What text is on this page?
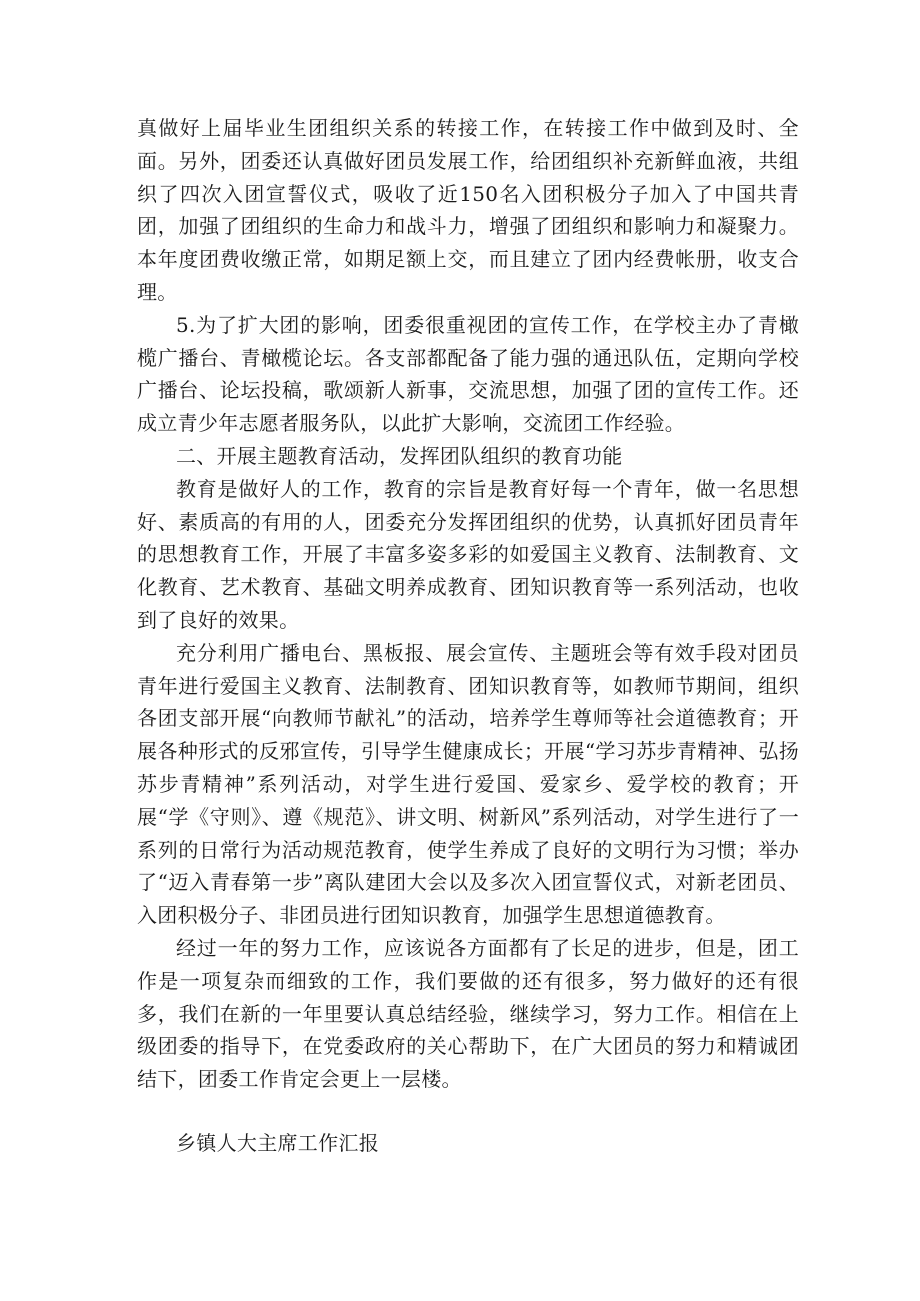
真做好上届毕业生团组织关系的转接工作，在转接工作中做到及时、全面。另外，团委还认真做好团员发展工作，给团组织补充新鲜血液，共组织了四次入团宣誓仪式，吸收了近150名入团积极分子加入了中国共青团，加强了团组织的生命力和战斗力，增强了团组织和影响力和凝聚力。本年度团费收缴正常，如期足额上交，而且建立了团内经费帐册，收支合理。

5.为了扩大团的影响，团委很重视团的宣传工作，在学校主办了青橄榄广播台、青橄榄论坛。各支部都配备了能力强的通迅队伍，定期向学校广播台、论坛投稿，歌颂新人新事，交流思想，加强了团的宣传工作。还成立青少年志愿者服务队，以此扩大影响，交流团工作经验。

二、开展主题教育活动，发挥团队组织的教育功能

教育是做好人的工作，教育的宗旨是教育好每一个青年，做一名思想好、素质高的有用的人，团委充分发挥团组织的优势，认真抓好团员青年的思想教育工作，开展了丰富多姿多彩的如爱国主义教育、法制教育、文化教育、艺术教育、基础文明养成教育、团知识教育等一系列活动，也收到了良好的效果。

充分利用广播电台、黑板报、展会宣传、主题班会等有效手段对团员青年进行爱国主义教育、法制教育、团知识教育等，如教师节期间，组织各团支部开展“向教师节献礼”的活动，培养学生尊师等社会道德教育；开展各种形式的反邪宣传，引导学生健康成长；开展“学习苏步青精神、弘扬苏步青精神”系列活动，对学生进行爱国、爱家乡、爱学校的教育；开展“学《守则》、遵《规范》、讲文明、树新风”系列活动，对学生进行了一系列的日常行为活动规范教育，使学生养成了良好的文明行为习惯；举办了“迈入青春第一步”离队建团大会以及多次入团宣誓仪式，对新老团员、入团积极分子、非团员进行团知识教育，加强学生思想道德教育。

经过一年的努力工作，应该说各方面都有了长足的进步，但是，团工作是一项复杂而细致的工作，我们要做的还有很多，努力做好的还有很多，我们在新的一年里要认真总结经验，继续学习，努力工作。相信在上级团委的指导下，在党委政府的关心帮助下，在广大团员的努力和精诚团结下，团委工作肯定会更上一层楼。

乡镇人大主席工作汇报
